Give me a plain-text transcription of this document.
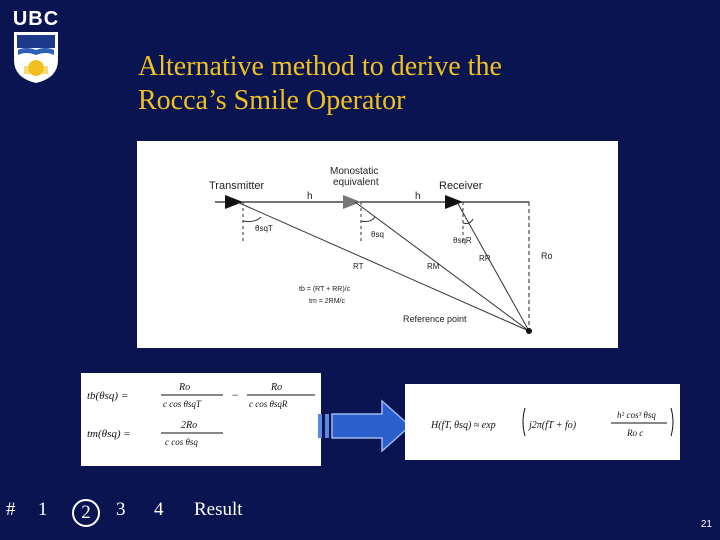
UBC
Alternative method to derive the
Rocca’s Smile Operator
Transmitter
Monostatic
equivalent	Receiver
h	h
θsqT
θsq
θsqR
RT	RM
RR	Ro
tb = (RT + RR)/c
tm = 2RM/c
Reference point
tb(θsq) =
Ro
c cos θsqT
−
Ro
c cos θsqR
tm(θsq) =
2Ro
c cos θsq
H(fT, θsq) ≈ exp	j2π(fT + fo)
h² cos³ θsq
Ro c
# 1	2	3 4 Result
21
